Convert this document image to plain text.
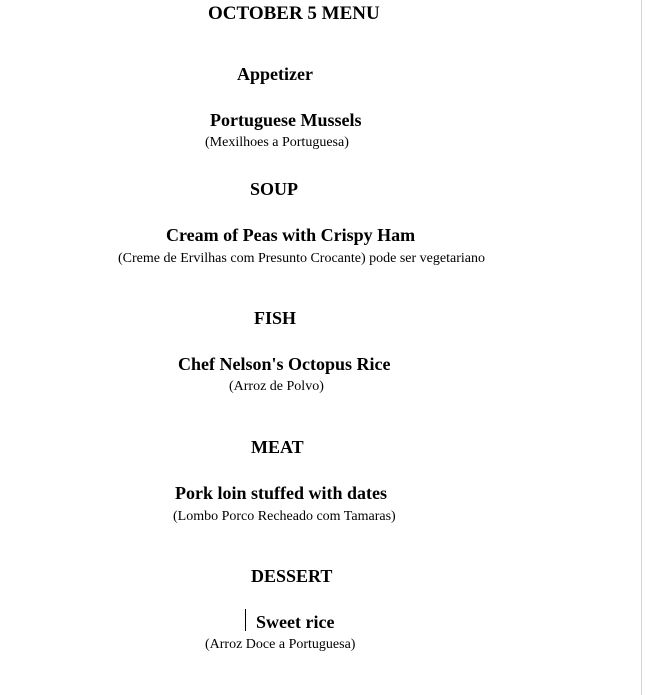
OCTOBER 5 MENU
Appetizer
Portuguese Mussels
(Mexilhoes a Portuguesa)
SOUP
Cream of Peas with Crispy Ham
(Creme de Ervilhas com Presunto Crocante) pode ser vegetariano
FISH
Chef Nelson's Octopus Rice
(Arroz de Polvo)
MEAT
Pork loin stuffed with dates
(Lombo Porco Recheado com Tamaras)
DESSERT
Sweet rice
(Arroz Doce a Portuguesa)
